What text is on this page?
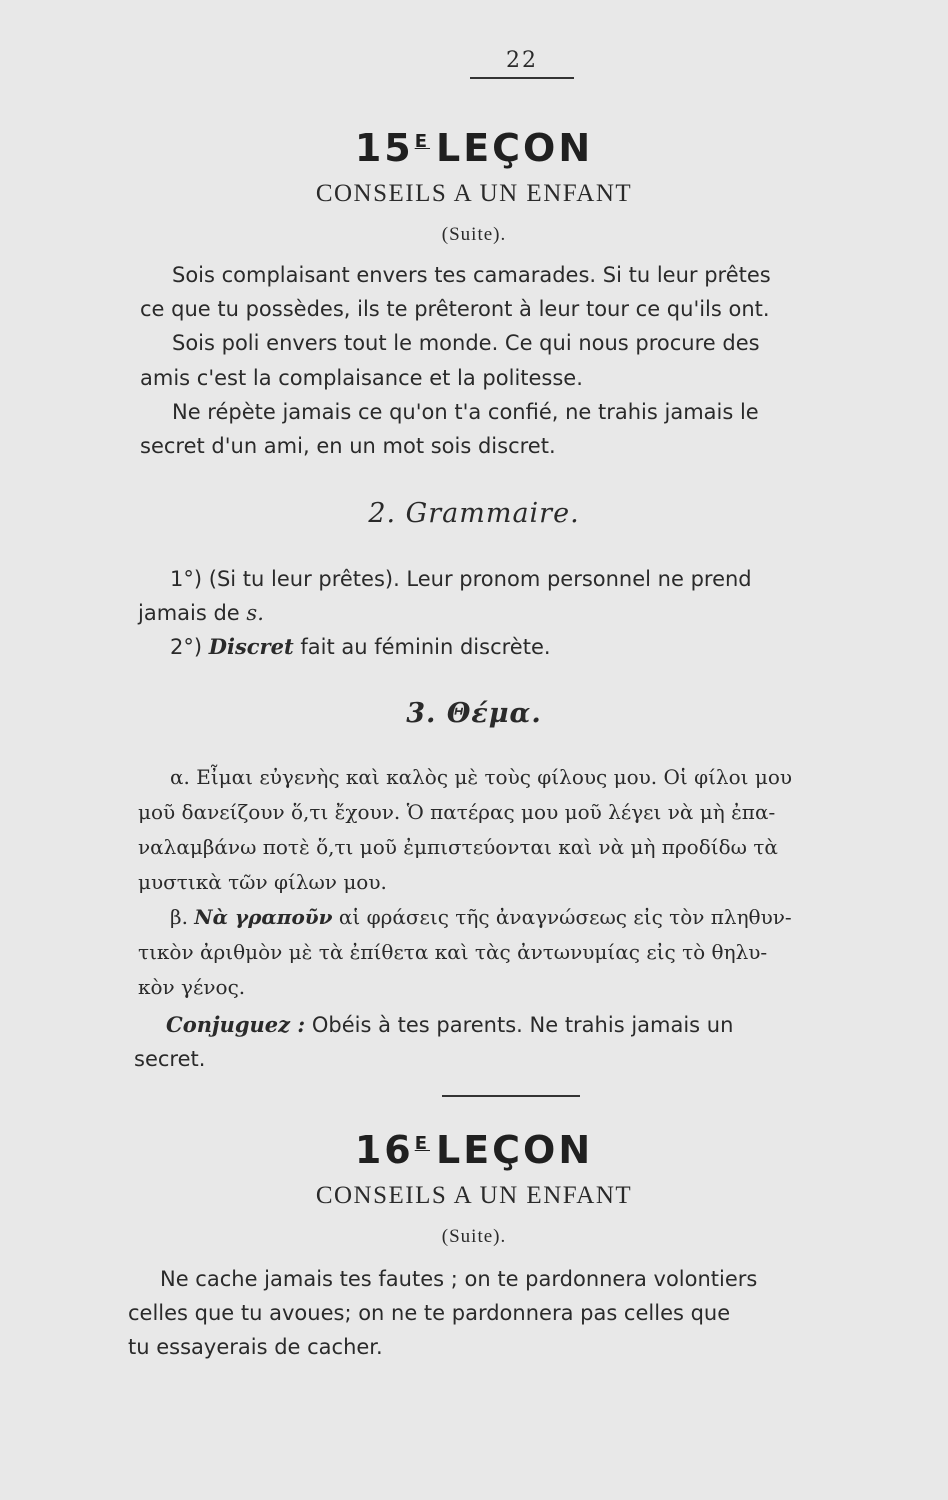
22
$15^E$ LEÇON
CONSEILS A UN ENFANT
(Suite).
Sois complaisant envers tes camarades. Si tu leur prêtes
ce que tu possèdes, ils te prêteront à leur tour ce qu'ils ont.
Sois poli envers tout le monde. Ce qui nous procure des
amis c'est la complaisance et la politesse.
Ne répète jamais ce qu'on t'a confié, ne trahis jamais le
secret d'un ami, en un mot sois discret.
2. Grammaire.
1°) (Si tu leur prêtes). Leur pronom personnel ne prend
jamais de s.
2°) Discret fait au féminin discrète.
3. Θέμα.
α. Εἶμαι εὐγενὴς καὶ καλὸς μὲ τοὺς φίλους μου. Οἱ φίλοι μου
μοῦ δανείζουν ὅ,τι ἔχουν. Ὁ πατέρας μου μοῦ λέγει νὰ μὴ ἐπα-
ναλαμβάνω ποτὲ ὅ,τι μοῦ ἐμπιστεύονται καὶ νὰ μὴ προδίδω τὰ
μυστικὰ τῶν φίλων μου.
β. Νὰ γραποῦν αἱ φράσεις τῆς ἀναγνώσεως εἰς τὸν πληθυν-
τικὸν ἀριθμὸν μὲ τὰ ἐπίθετα καὶ τὰς ἀντωνυμίας εἰς τὸ θηλυ-
κὸν γένος.
Conjuguez : Obéis à tes parents. Ne trahis jamais un
secret.
$16^E$ LEÇON
CONSEILS A UN ENFANT
(Suite).
Ne cache jamais tes fautes ; on te pardonnera volontiers
celles que tu avoues; on ne te pardonnera pas celles que
tu essayerais de cacher.
